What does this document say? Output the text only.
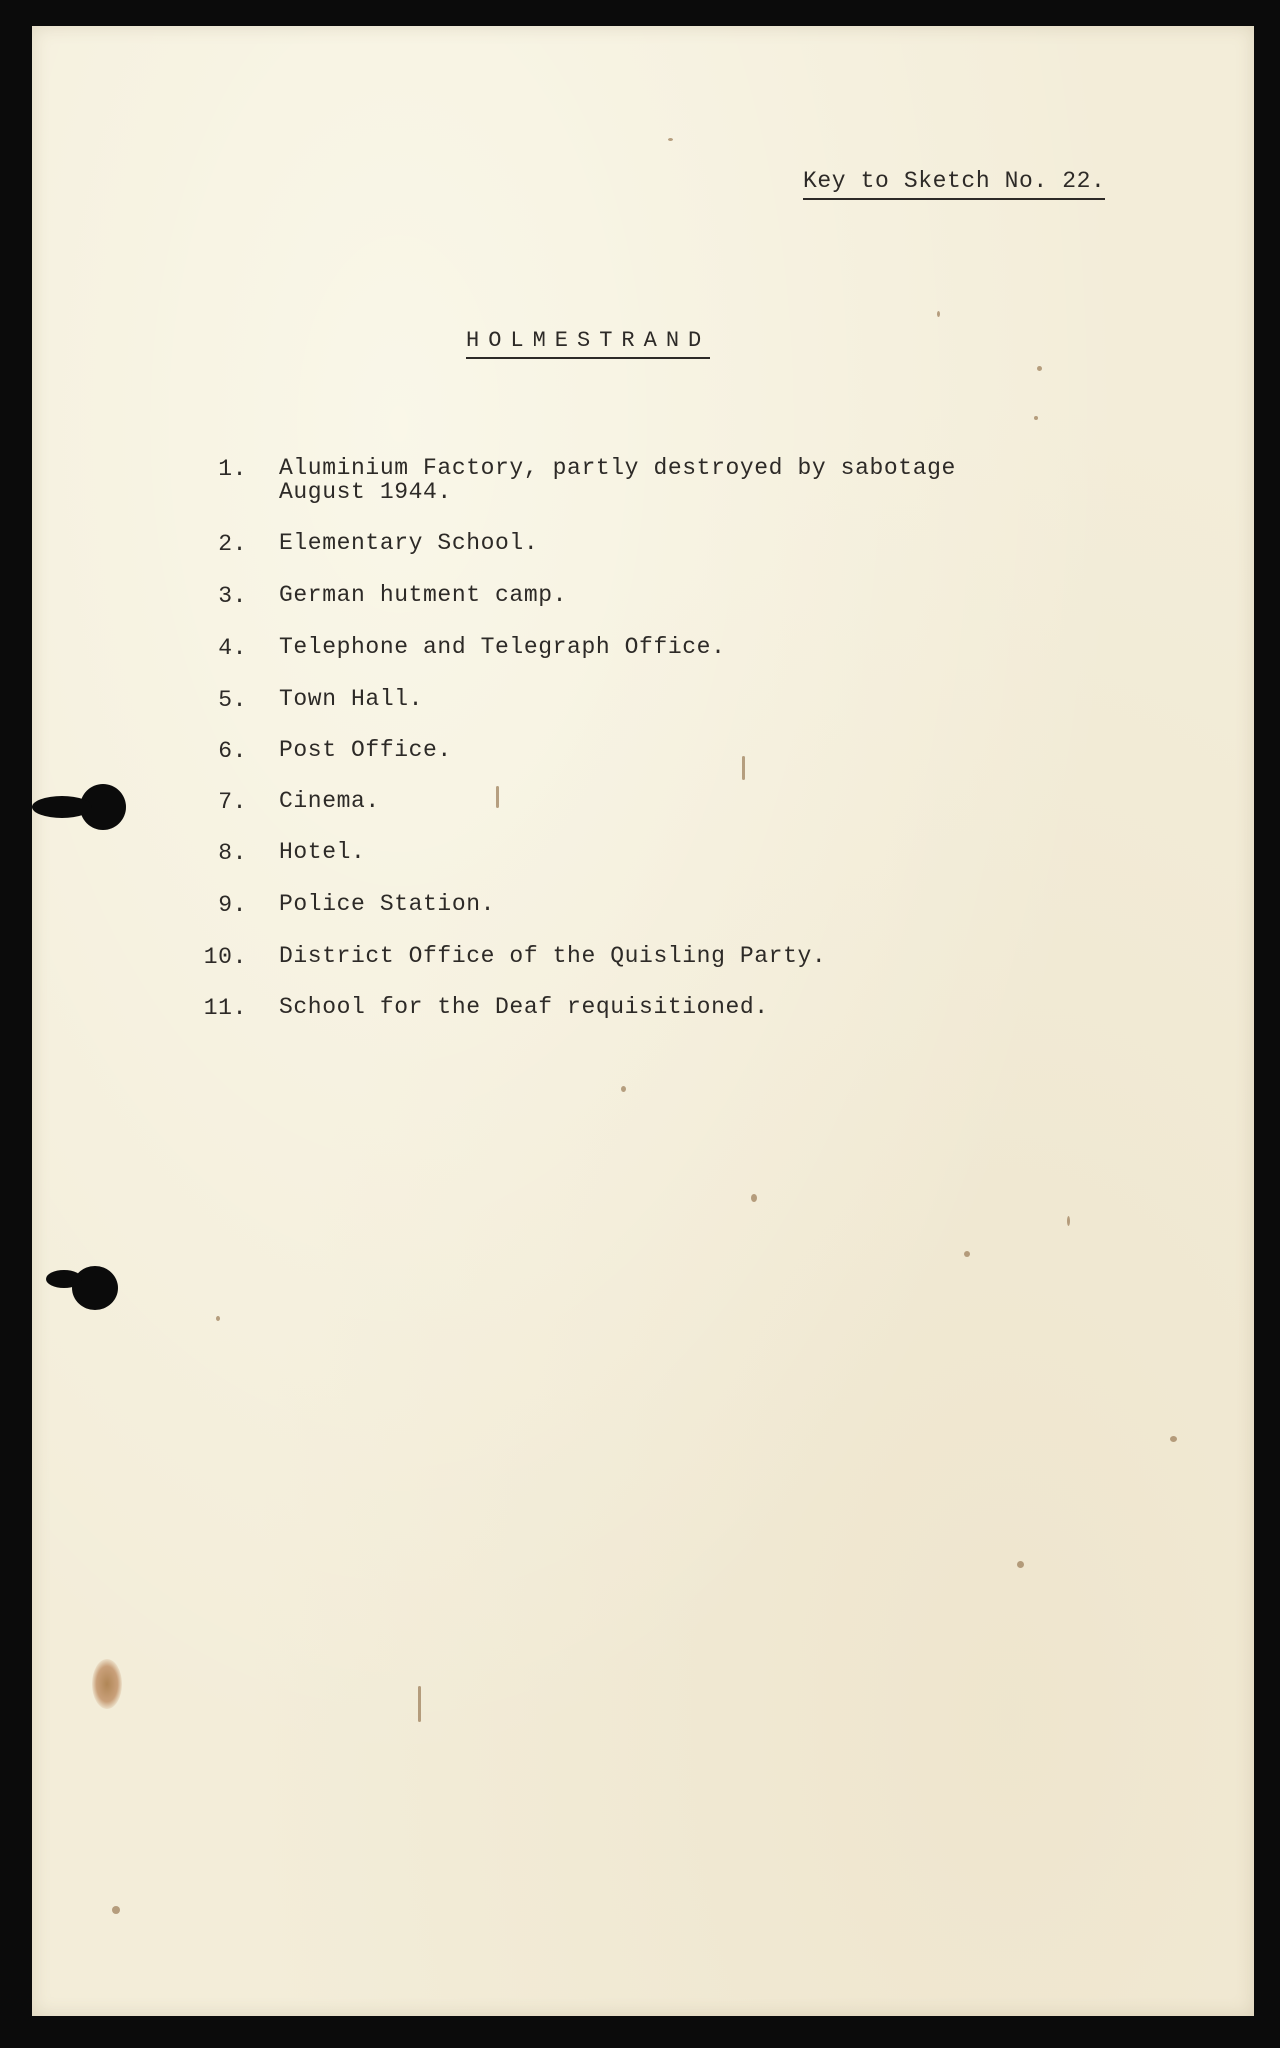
Key to Sketch No. 22.
HOLMESTRAND
1. Aluminium Factory, partly destroyed by sabotage
August 1944.
2. Elementary School.
3. German hutment camp.
4. Telephone and Telegraph Office.
5. Town Hall.
6. Post Office.
7. Cinema.
8. Hotel.
9. Police Station.
10. District Office of the Quisling Party.
11. School for the Deaf requisitioned.
